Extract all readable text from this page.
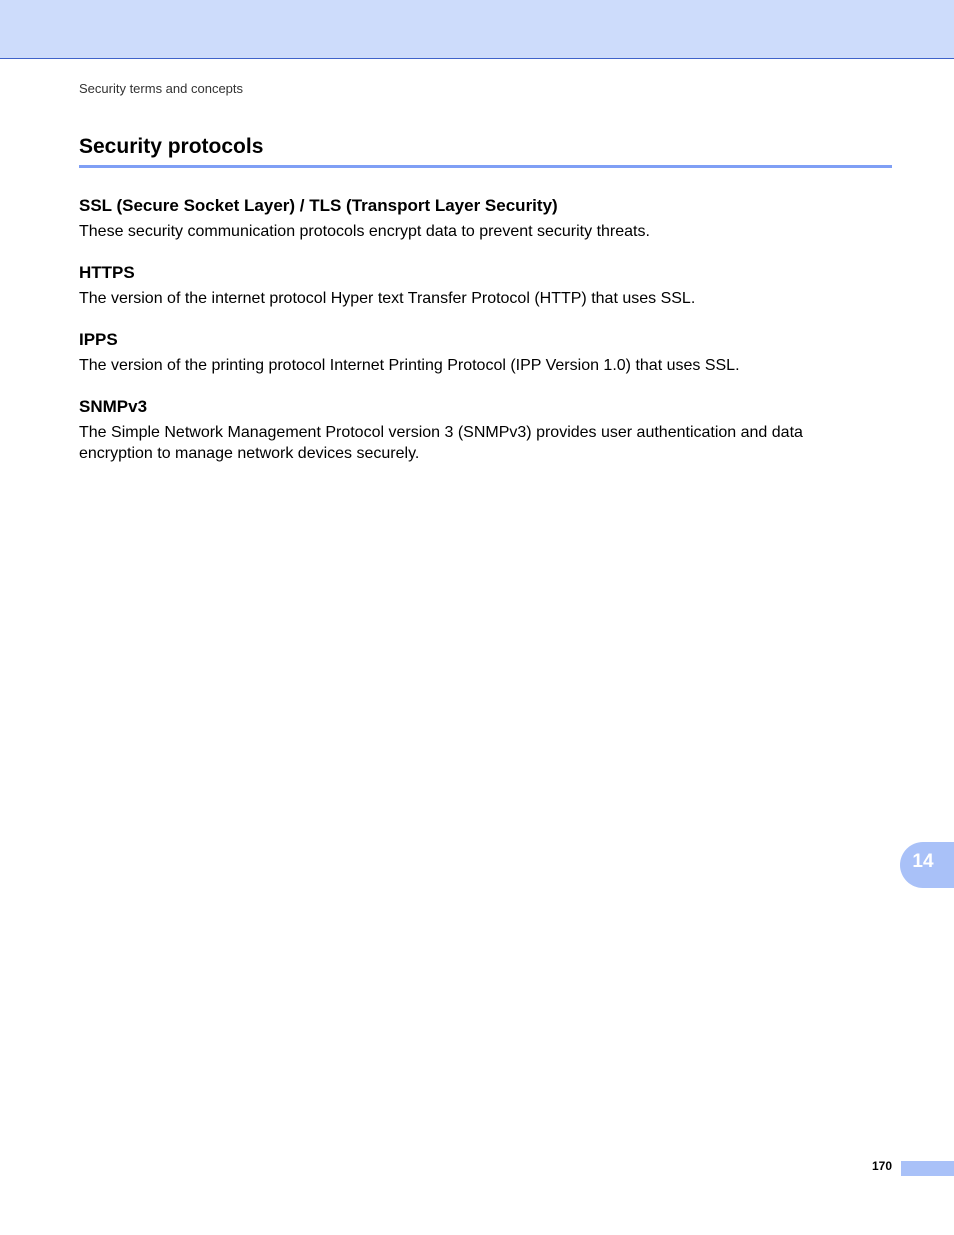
Security terms and concepts
Security protocols
SSL (Secure Socket Layer) / TLS (Transport Layer Security)

These security communication protocols encrypt data to prevent security threats.

HTTPS

The version of the internet protocol Hyper text Transfer Protocol (HTTP) that uses SSL.

IPPS

The version of the printing protocol Internet Printing Protocol (IPP Version 1.0) that uses SSL.

SNMPv3

The Simple Network Management Protocol version 3 (SNMPv3) provides user authentication and data encryption to manage network devices securely.

14
170
